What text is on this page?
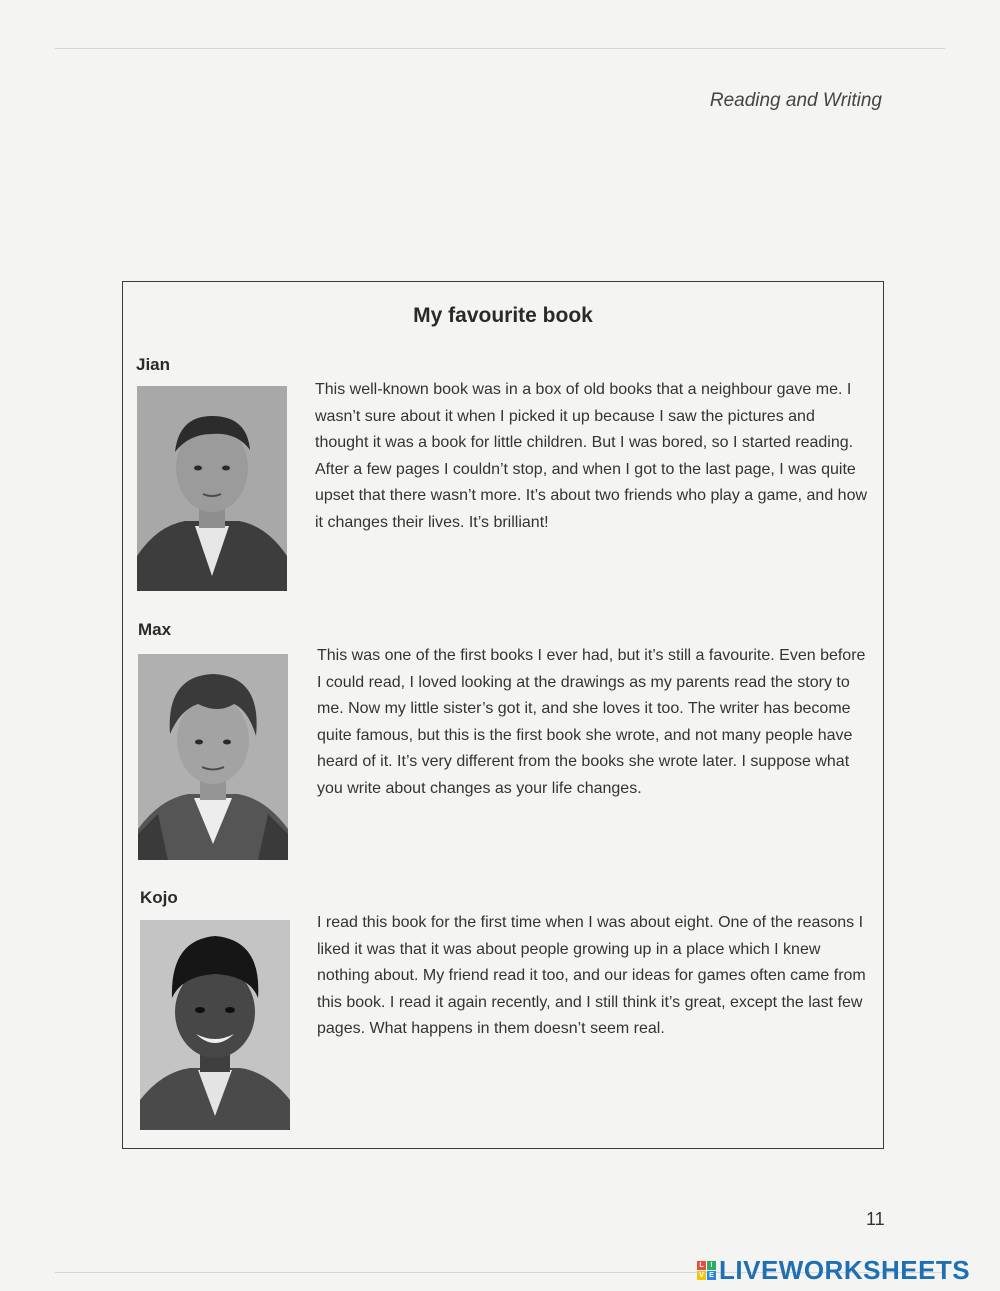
Reading and Writing
My favourite book
Jian

This well-known book was in a box of old books that a neighbour gave me. I wasn’t sure about it when I picked it up because I saw the pictures and thought it was a book for little children. But I was bored, so I started reading. After a few pages I couldn’t stop, and when I got to the last page, I was quite upset that there wasn’t more. It’s about two friends who play a game, and how it changes their lives. It’s brilliant!

Max

This was one of the first books I ever had, but it’s still a favourite. Even before I could read, I loved looking at the drawings as my parents read the story to me. Now my little sister’s got it, and she loves it too. The writer has become quite famous, but this is the first book she wrote, and not many people have heard of it. It’s very different from the books she wrote later. I suppose what you write about changes as your life changes.

Kojo

I read this book for the first time when I was about eight. One of the reasons I liked it was that it was about people growing up in a place which I knew nothing about. My friend read it too, and our ideas for games often came from this book. I read it again recently, and I still think it’s great, except the last few pages. What happens in them doesn’t seem real.

11
L I
V E LIVEWORKSHEETS
